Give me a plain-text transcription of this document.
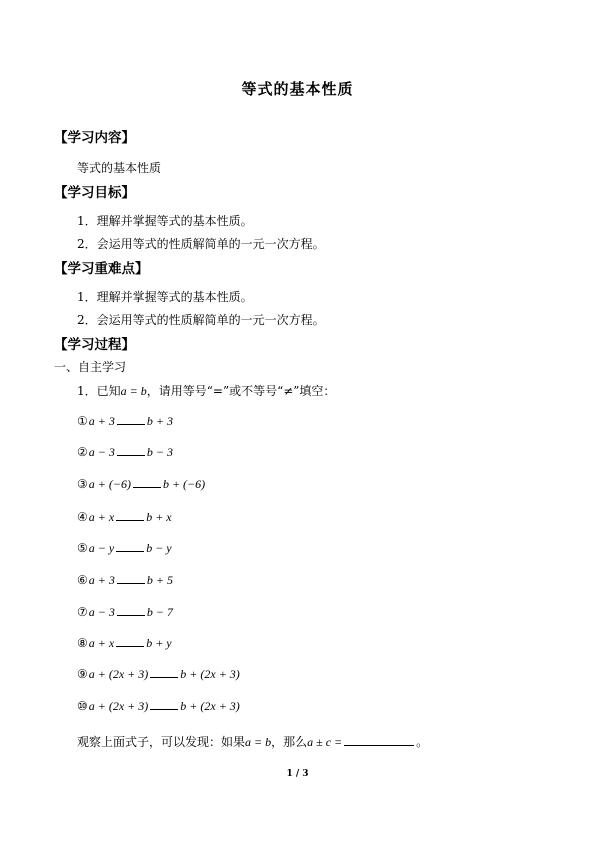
等式的基本性质
【学习内容】
等式的基本性质
【学习目标】
1．理解并掌握等式的基本性质。
2．会运用等式的性质解简单的一元一次方程。
【学习重难点】
1．理解并掌握等式的基本性质。
2．会运用等式的性质解简单的一元一次方程。
【学习过程】
一、自主学习
1．已知a = b，请用等号“=”或不等号“≠”填空：
①a + 3	b + 3
②a − 3	b − 3
③a + (−6)	b + (−6)
④a + x	b + x
⑤a − y	b − y
⑥a + 3	b + 5
⑦a − 3	b − 7
⑧a + x	b + y
⑨a + (2x + 3)	b + (2x + 3)
⑩a + (2x + 3)	b + (2x + 3)
观察上面式子，可以发现：如果a = b，那么a ± c =	。
1 / 3
